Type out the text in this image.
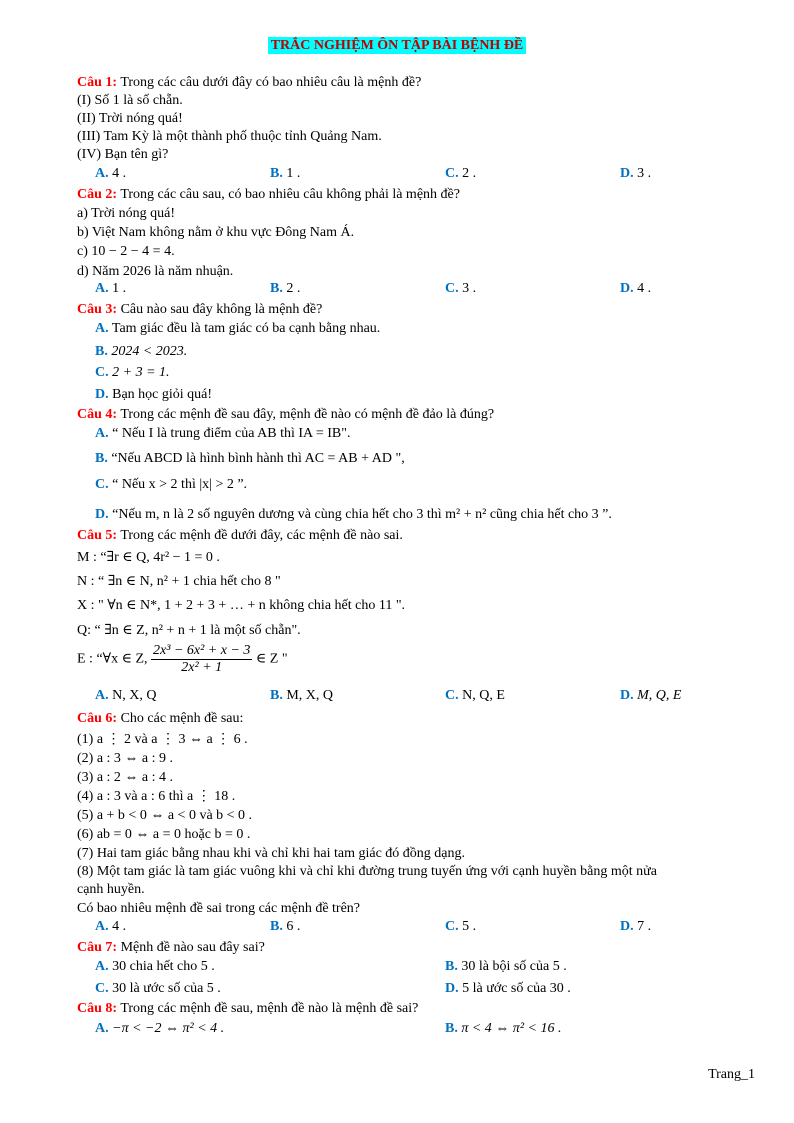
TRẮC NGHIỆM ÔN TẬP BÀI BỆNH ĐỀ
Câu 1: Trong các câu dưới đây có bao nhiêu câu là mệnh đề?
(I) Số 1 là số chẵn.
(II) Trời nóng quá!
(III) Tam Kỳ là một thành phố thuộc tỉnh Quảng Nam.
(IV) Bạn tên gì?
A. 4 .	B. 1 .	C. 2 .	D. 3 .
Câu 2: Trong các câu sau, có bao nhiêu câu không phải là mệnh đề?
a) Trời nóng quá!
b) Việt Nam không nằm ở khu vực Đông Nam Á.
c) 10 − 2 − 4 = 4.
d) Năm 2026 là năm nhuận.
A. 1 .	B. 2 .	C. 3 .	D. 4 .
Câu 3: Câu nào sau đây không là mệnh đề?
A. Tam giác đều là tam giác có ba cạnh bằng nhau.
B. 2024 < 2023.
C. 2 + 3 = 1.
D. Bạn học giỏi quá!
Câu 4: Trong các mệnh đề sau đây, mệnh đề nào có mệnh đề đảo là đúng?
A. “ Nếu I là trung điểm của AB thì IA = IB".
B. “Nếu ABCD là hình bình hành thì AC = AB + AD ",
C. “ Nếu x > 2 thì |x| > 2 ”.
D. “Nếu m, n là 2 số nguyên dương và cùng chia hết cho 3 thì m² + n² cũng chia hết cho 3 ”.
Câu 5: Trong các mệnh đề dưới đây, các mệnh đề nào sai.
M : “∃r ∈ Q, 4r² − 1 = 0 .
N : “ ∃n ∈ N, n² + 1 chia hết cho 8 "
X : " ∀n ∈ N*, 1 + 2 + 3 + … + n không chia hết cho 11 ".
Q: “ ∃n ∈ Z, n² + n + 1 là một số chẵn".
E : “∀x ∈ Z, $\frac{\text{2x³ − 6x² + x − 3}}{\text{2x² + 1}}$ ∈ Z "
A. N, X, Q	B. M, X, Q	C. N, Q, E	D. M, Q, E
Câu 6: Cho các mệnh đề sau:
(1) a ⋮ 2 và a ⋮ 3 ⇔ a ⋮ 6 .
(2) a : 3 ⇔ a : 9 .
(3) a : 2 ⇔ a : 4 .
(4) a : 3 và a : 6 thì a ⋮ 18 .
(5) a + b < 0 ⇔ a < 0 và b < 0 .
(6) ab = 0 ⇔ a = 0 hoặc b = 0 .
(7) Hai tam giác bằng nhau khi và chỉ khi hai tam giác đó đồng dạng.
(8) Một tam giác là tam giác vuông khi và chỉ khi đường trung tuyến ứng với cạnh huyền bằng một nửa
cạnh huyền.
Có bao nhiêu mệnh đề sai trong các mệnh đề trên?
A. 4 .	B. 6 .	C. 5 .	D. 7 .
Câu 7: Mệnh đề nào sau đây sai?
A. 30 chia hết cho 5 .	B. 30 là bội số của 5 .
C. 30 là ước số của 5 .	D. 5 là ước số của 30 .
Câu 8: Trong các mệnh đề sau, mệnh đề nào là mệnh đề sai?
A. −π < −2 ⇔ π² < 4 .	B. π < 4 ⇔ π² < 16 .
Trang_1
